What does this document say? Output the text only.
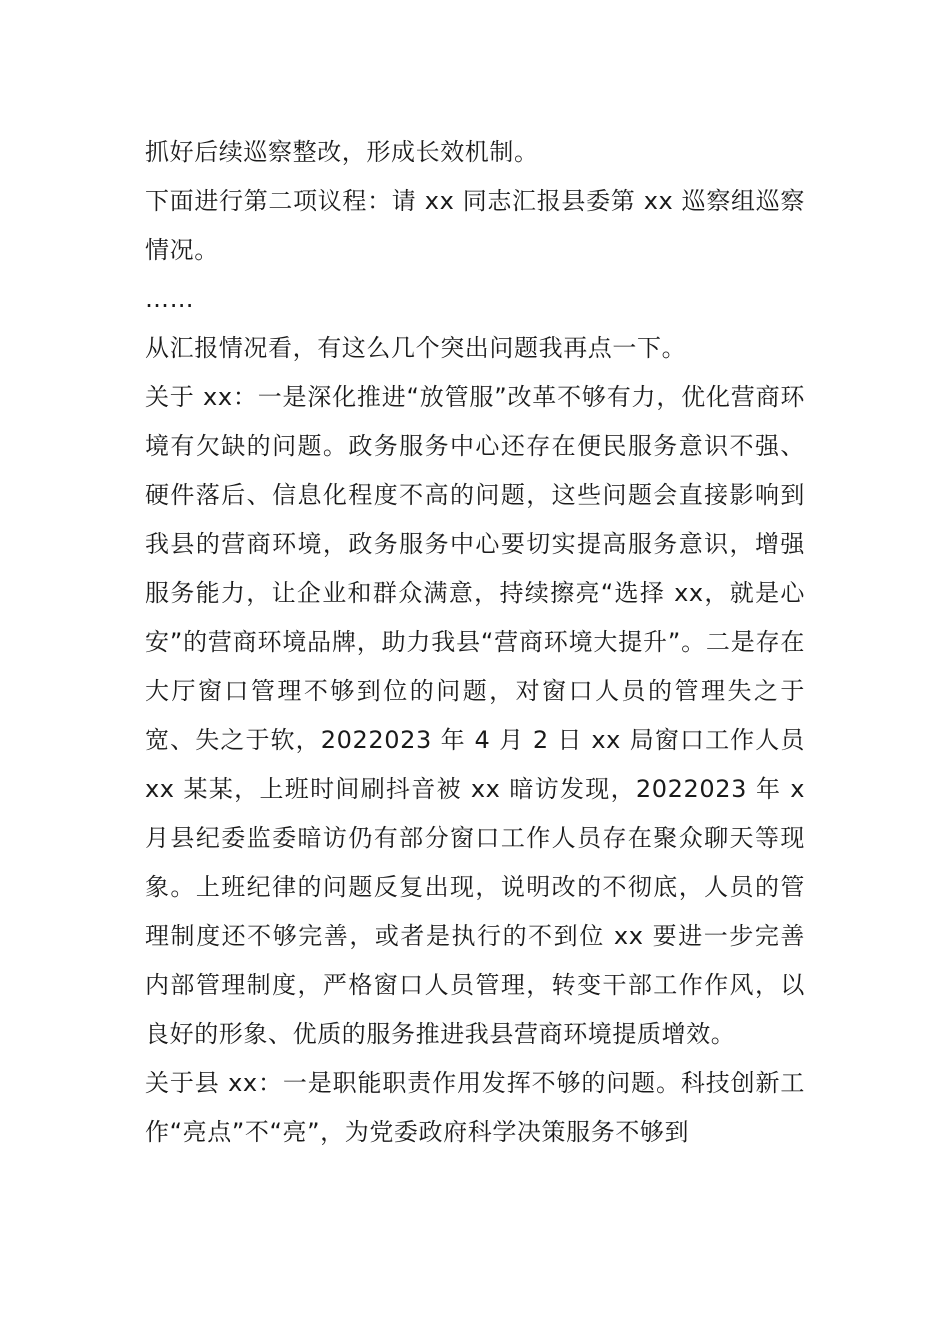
抓好后续巡察整改，形成长效机制。

下面进行第二项议程：请 xx 同志汇报县委第 xx 巡察组巡察情况。

……

从汇报情况看，有这么几个突出问题我再点一下。

关于 xx：一是深化推进“放管服”改革不够有力，优化营商环境有欠缺的问题。政务服务中心还存在便民服务意识不强、硬件落后、信息化程度不高的问题，这些问题会直接影响到我县的营商环境，政务服务中心要切实提高服务意识，增强服务能力，让企业和群众满意，持续擦亮“选择 xx，就是心安”的营商环境品牌，助力我县“营商环境大提升”。二是存在大厅窗口管理不够到位的问题，对窗口人员的管理失之于宽、失之于软，2022023 年 4 月 2 日 xx 局窗口工作人员 xx 某某，上班时间刷抖音被 xx 暗访发现，2022023 年 x 月县纪委监委暗访仍有部分窗口工作人员存在聚众聊天等现象。上班纪律的问题反复出现，说明改的不彻底，人员的管理制度还不够完善，或者是执行的不到位 xx 要进一步完善内部管理制度，严格窗口人员管理，转变干部工作作风，以良好的形象、优质的服务推进我县营商环境提质增效。

关于县 xx：一是职能职责作用发挥不够的问题。科技创新工作“亮点”不“亮”，为党委政府科学决策服务不够到
